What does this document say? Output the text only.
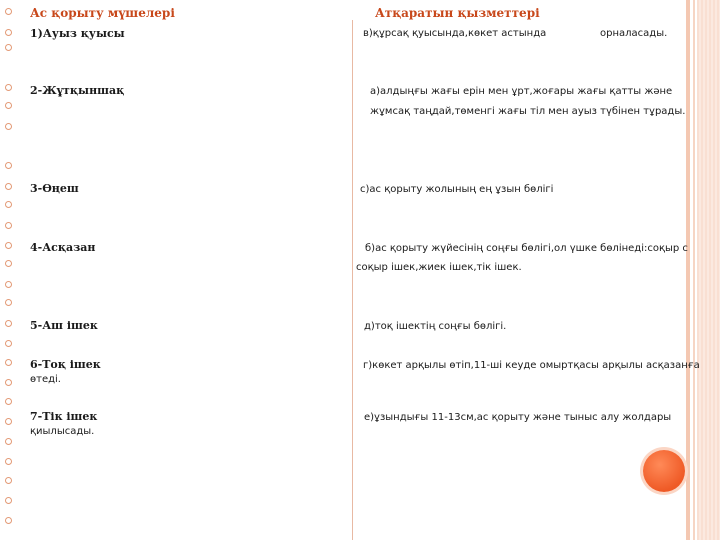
Ас қорыту мүшелері	Атқаратын қызметтері
1)Ауыз қуысы
2-Жұтқыншақ
3-Өңеш
4-Асқазан
5-Аш ішек
6-Тоқ ішек
7-Тік ішек
в)құрсақ қуысында,көкет астында	орналасады.
а)алдыңғы жағы ерін мен ұрт,жоғары жағы қатты және
жұмсақ таңдай,төменгі жағы тіл мен ауыз түбінен тұрады.
с)ас қорыту жолының ең ұзын бөлігі
б)ас қорыту жүйесінің соңғы бөлігі,ол үшке бөлінеді:соқыр с
соқыр ішек,жиек ішек,тік ішек.
д)тоқ ішектің соңғы бөлігі.
г)көкет арқылы өтіп,11-ші кеуде омыртқасы арқылы асқазанға
өтеді.
е)ұзындығы 11-13см,ас қорыту және тыныс алу жолдары
қиылысады.
